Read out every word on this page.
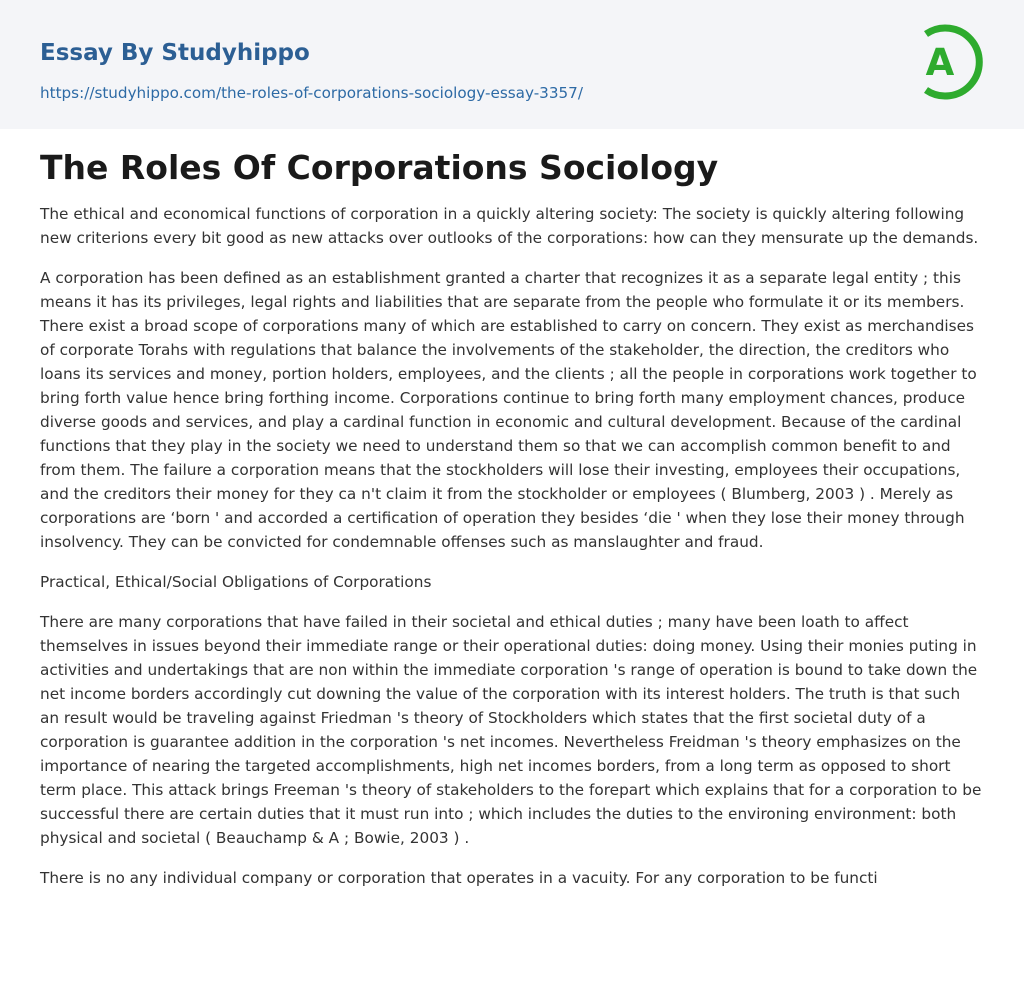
Essay By Studyhippo
https://studyhippo.com/the-roles-of-corporations-sociology-essay-3357/
A
The Roles Of Corporations Sociology

The ethical and economical functions of corporation in a quickly altering society: The society is quickly altering following new criterions every bit good as new attacks over outlooks of the corporations: how can they mensurate up the demands.

A corporation has been defined as an establishment granted a charter that recognizes it as a separate legal entity ; this means it has its privileges, legal rights and liabilities that are separate from the people who formulate it or its members. There exist a broad scope of corporations many of which are established to carry on concern. They exist as merchandises of corporate Torahs with regulations that balance the involvements of the stakeholder, the direction, the creditors who loans its services and money, portion holders, employees, and the clients ; all the people in corporations work together to bring forth value hence bring forthing income. Corporations continue to bring forth many employment chances, produce diverse goods and services, and play a cardinal function in economic and cultural development. Because of the cardinal functions that they play in the society we need to understand them so that we can accomplish common benefit to and from them. The failure a corporation means that the stockholders will lose their investing, employees their occupations, and the creditors their money for they ca n't claim it from the stockholder or employees ( Blumberg, 2003 ) . Merely as corporations are ‘born ' and accorded a certification of operation they besides ‘die ' when they lose their money through insolvency. They can be convicted for condemnable offenses such as manslaughter and fraud.

Practical, Ethical/Social Obligations of Corporations

There are many corporations that have failed in their societal and ethical duties ; many have been loath to affect themselves in issues beyond their immediate range or their operational duties: doing money. Using their monies puting in activities and undertakings that are non within the immediate corporation 's range of operation is bound to take down the net income borders accordingly cut downing the value of the corporation with its interest holders. The truth is that such an result would be traveling against Friedman 's theory of Stockholders which states that the first societal duty of a corporation is guarantee addition in the corporation 's net incomes. Nevertheless Freidman 's theory emphasizes on the importance of nearing the targeted accomplishments, high net incomes borders, from a long term as opposed to short term place. This attack brings Freeman 's theory of stakeholders to the forepart which explains that for a corporation to be successful there are certain duties that it must run into ; which includes the duties to the environing environment: both physical and societal ( Beauchamp & A ; Bowie, 2003 ) .

There is no any individual company or corporation that operates in a vacuity. For any corporation to be functi
